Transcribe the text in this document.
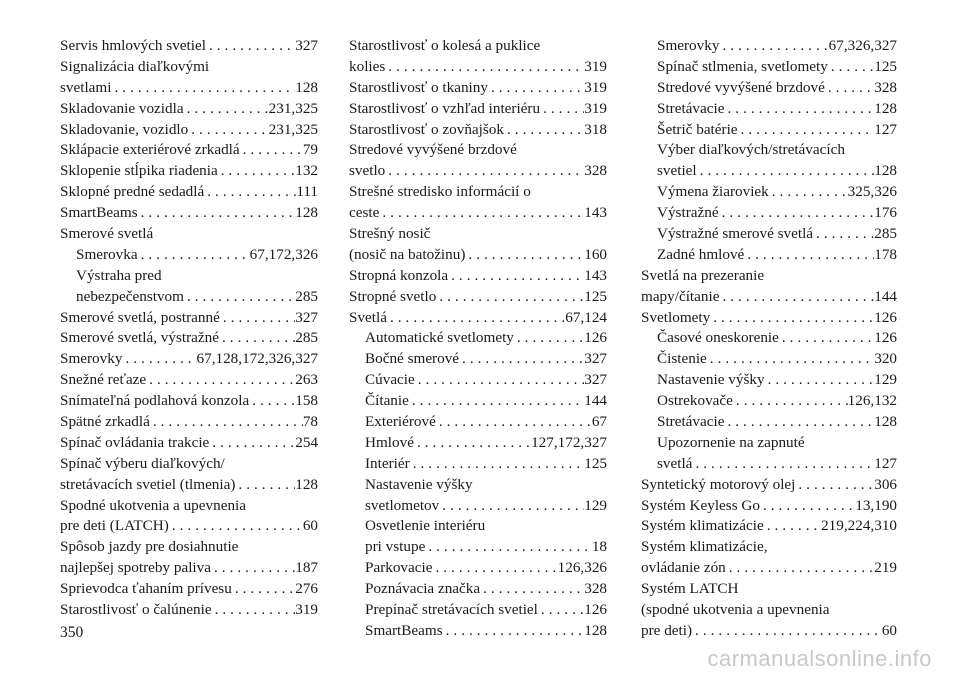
Servis hmlových svetiel . . .	327
Signalizácia diaľkovými
svetlami . . .	128
Skladovanie vozidla . . .	231,325
Skladovanie, vozidlo . . .	231,325
Sklápacie exteriérové zrkadlá . . .	79
Sklopenie stĺpika riadenia . . .	132
Sklopné predné sedadlá . . .	111
SmartBeams . . .	128
Smerové svetlá
Smerovka . . .	67,172,326
Výstraha pred
nebezpečenstvom . . .	285
Smerové svetlá, postranné . . .	327
Smerové svetlá, výstražné . . .	285
Smerovky . . .	67,128,172,326,327
Snežné reťaze . . .	263
Snímateľná podlahová konzola . . .	158
Spätné zrkadlá . . .	78
Spínač ovládania trakcie . . .	254
Spínač výberu diaľkových/
stretávacích svetiel (tlmenia) . . .	128
Spodné ukotvenia a upevnenia
pre deti (LATCH) . . .	60
Spôsob jazdy pre dosiahnutie
najlepšej spotreby paliva . . .	187
Sprievodca ťahaním prívesu . . .	276
Starostlivosť o čalúnenie . . .	319
Starostlivosť o kolesá a puklice
kolies . . .	319
Starostlivosť o tkaniny . . .	319
Starostlivosť o vzhľad interiéru . . .	319
Starostlivosť o zovňajšok . . .	318
Stredové vyvýšené brzdové
svetlo . . .	328
Strešné stredisko informácií o
ceste . . .	143
Strešný nosič
(nosič na batožinu) . . .	160
Stropná konzola . . .	143
Stropné svetlo . . .	125
Svetlá . . .	67,124
Automatické svetlomety . . .	126
Bočné smerové . . .	327
Cúvacie . . .	327
Čítanie . . .	144
Exteriérové . . .	67
Hmlové . . .	127,172,327
Interiér . . .	125
Nastavenie výšky
svetlometov . . .	129
Osvetlenie interiéru
pri vstupe . . .	18
Parkovacie . . .	126,326
Poznávacia značka . . .	328
Prepínač stretávacích svetiel . . .	126
SmartBeams . . .	128
Smerovky . . .	67,326,327
Spínač stlmenia, svetlomety . . .	125
Stredové vyvýšené brzdové . . .	328
Stretávacie . . .	128
Šetrič batérie . . .	127
Výber diaľkových/stretávacích
svetiel . . .	128
Výmena žiaroviek . . .	325,326
Výstražné . . .	176
Výstražné smerové svetlá . . .	285
Zadné hmlové . . .	178
Svetlá na prezeranie
mapy/čítanie . . .	144
Svetlomety . . .	126
Časové oneskorenie . . .	126
Čistenie . . .	320
Nastavenie výšky . . .	129
Ostrekovače . . .	126,132
Stretávacie . . .	128
Upozornenie na zapnuté
svetlá . . .	127
Syntetický motorový olej . . .	306
Systém Keyless Go . . .	13,190
Systém klimatizácie . . .	219,224,310
Systém klimatizácie,
ovládanie zón . . .	219
Systém LATCH
(spodné ukotvenia a upevnenia
pre deti) . . .	60
350
carmanualsonline.info
